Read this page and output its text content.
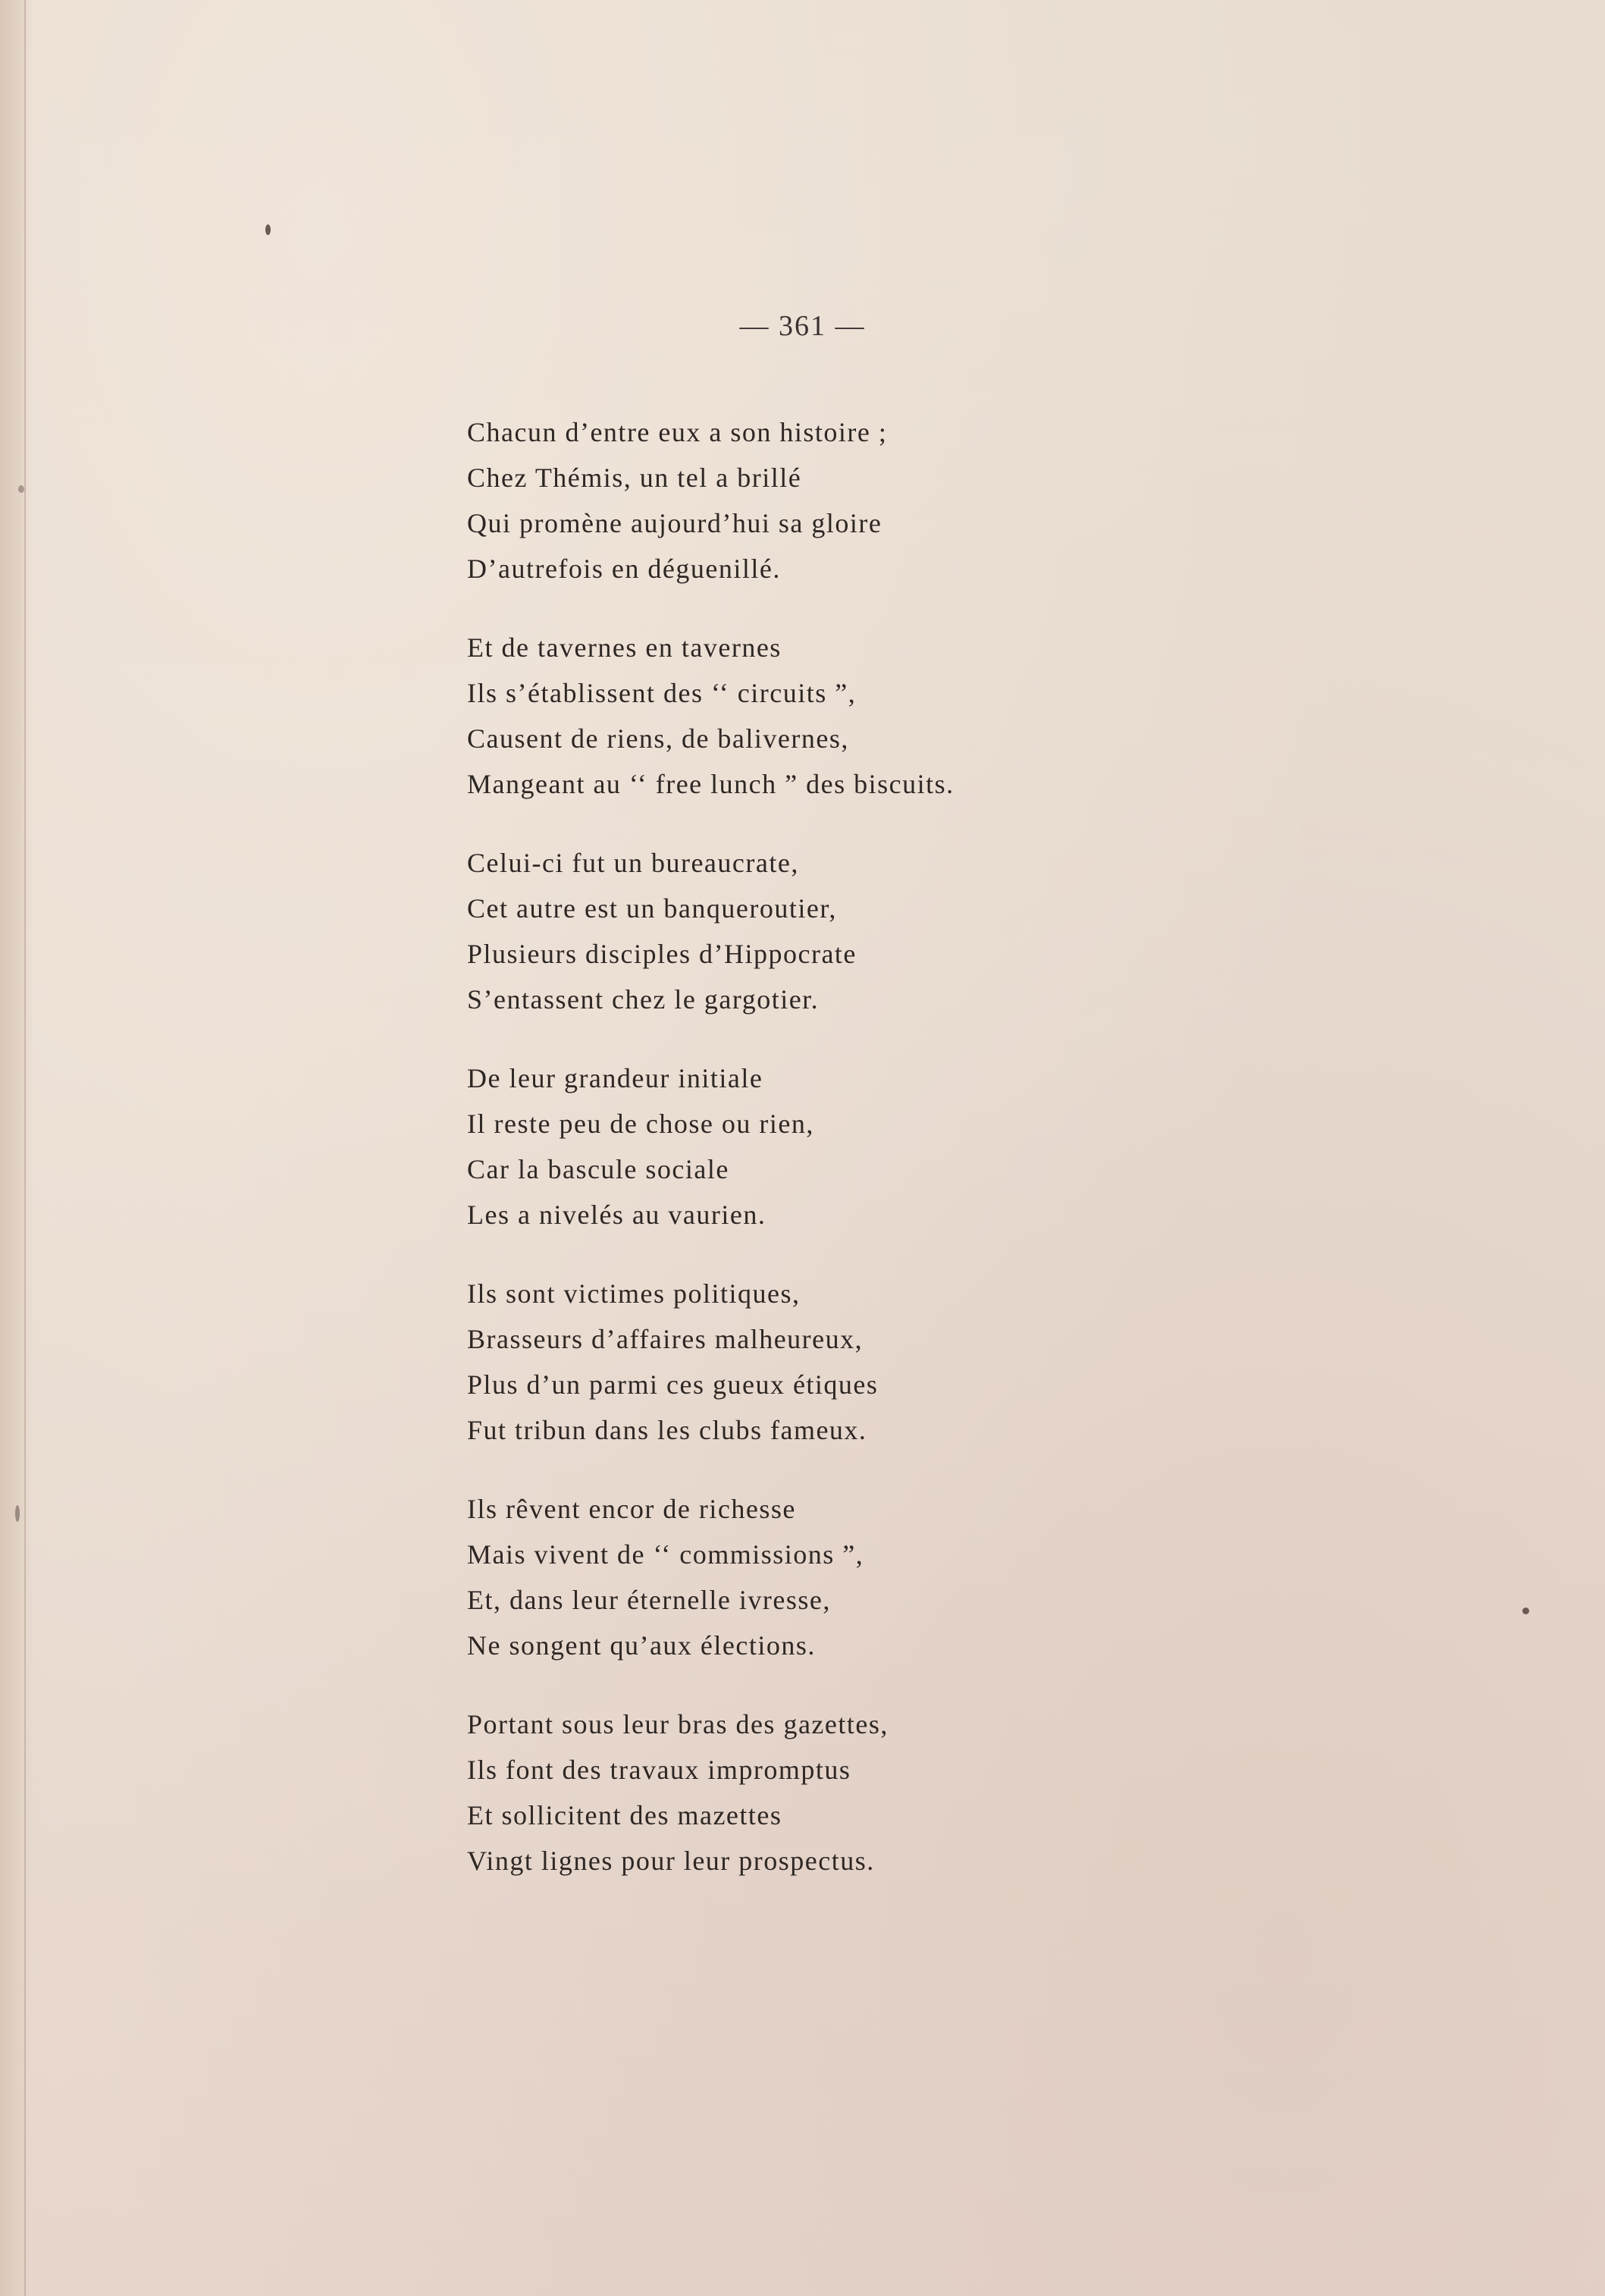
— 361 —
Chacun d’entre eux a son histoire ;
Chez Thémis, un tel a brillé
Qui promène aujourd’hui sa gloire
D’autrefois en déguenillé.
Et de tavernes en tavernes
Ils s’établissent des ‘‘ circuits ”,
Causent de riens, de balivernes,
Mangeant au ‘‘ free lunch ” des biscuits.
Celui-ci fut un bureaucrate,
Cet autre est un banqueroutier,
Plusieurs disciples d’Hippocrate
S’entassent chez le gargotier.
De leur grandeur initiale
Il reste peu de chose ou rien,
Car la bascule sociale
Les a nivelés au vaurien.
Ils sont victimes politiques,
Brasseurs d’affaires malheureux,
Plus d’un parmi ces gueux étiques
Fut tribun dans les clubs fameux.
Ils rêvent encor de richesse
Mais vivent de ‘‘ commissions ”,
Et, dans leur éternelle ivresse,
Ne songent qu’aux élections.
Portant sous leur bras des gazettes,
Ils font des travaux impromptus
Et sollicitent des mazettes
Vingt lignes pour leur prospectus.
